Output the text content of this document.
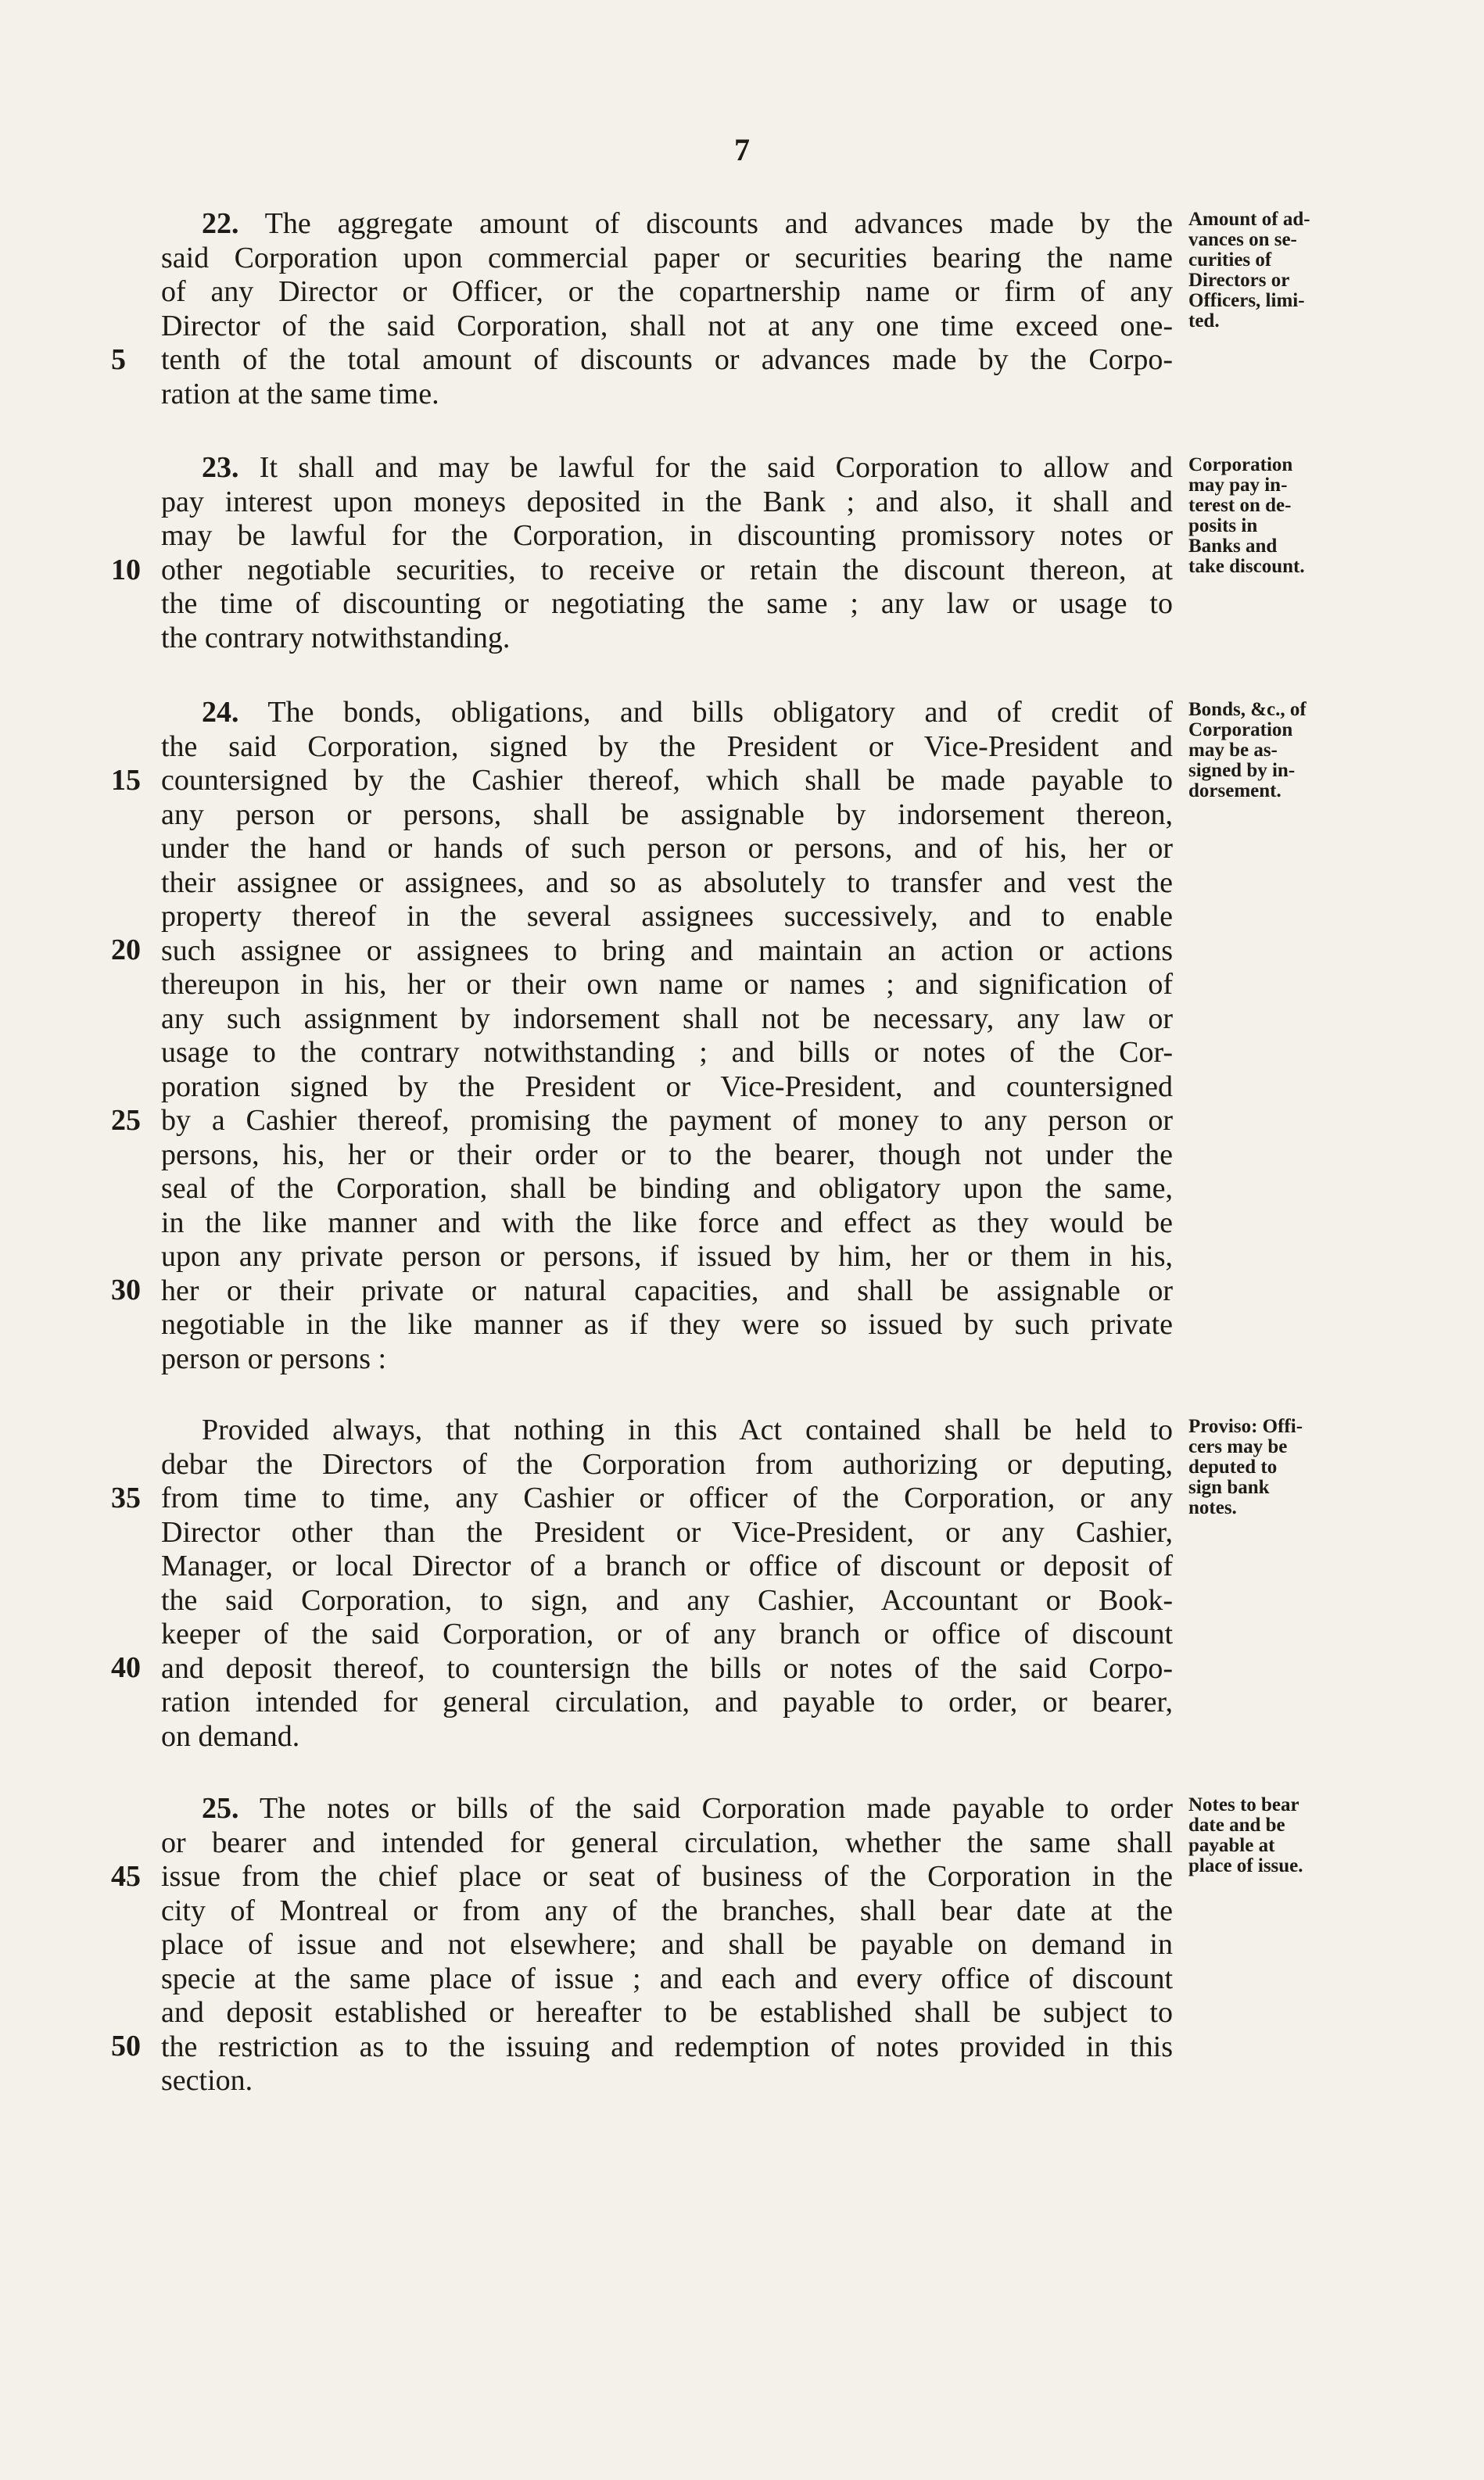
7
22. The aggregate amount of discounts and advances made by the
said Corporation upon commercial paper or securities bearing the name
of any Director or Officer, or the copartnership name or firm of any
Director of the said Corporation, shall not at any one time exceed one-
tenth of the total amount of discounts or advances made by the Corpo-
ration at the same time.
Amount of ad-
vances on se-
curities of
Directors or
Officers, limi-
ted.
23. It shall and may be lawful for the said Corporation to allow and
pay interest upon moneys deposited in the Bank ; and also, it shall and
may be lawful for the Corporation, in discounting promissory notes or
other negotiable securities, to receive or retain the discount thereon, at
the time of discounting or negotiating the same ; any law or usage to
the contrary notwithstanding.
Corporation
may pay in-
terest on de-
posits in
Banks and
take discount.
24. The bonds, obligations, and bills obligatory and of credit of
the said Corporation, signed by the President or Vice-President and
countersigned by the Cashier thereof, which shall be made payable to
any person or persons, shall be assignable by indorsement thereon,
under the hand or hands of such person or persons, and of his, her or
their assignee or assignees, and so as absolutely to transfer and vest the
property thereof in the several assignees successively, and to enable
such assignee or assignees to bring and maintain an action or actions
thereupon in his, her or their own name or names ; and signification of
any such assignment by indorsement shall not be necessary, any law or
usage to the contrary notwithstanding ; and bills or notes of the Cor-
poration signed by the President or Vice-President, and countersigned
by a Cashier thereof, promising the payment of money to any person or
persons, his, her or their order or to the bearer, though not under the
seal of the Corporation, shall be binding and obligatory upon the same,
in the like manner and with the like force and effect as they would be
upon any private person or persons, if issued by him, her or them in his,
her or their private or natural capacities, and shall be assignable or
negotiable in the like manner as if they were so issued by such private
person or persons :
Bonds, &c., of
Corporation
may be as-
signed by in-
dorsement.
Provided always, that nothing in this Act contained shall be held to
debar the Directors of the Corporation from authorizing or deputing,
from time to time, any Cashier or officer of the Corporation, or any
Director other than the President or Vice-President, or any Cashier,
Manager, or local Director of a branch or office of discount or deposit of
the said Corporation, to sign, and any Cashier, Accountant or Book-
keeper of the said Corporation, or of any branch or office of discount
and deposit thereof, to countersign the bills or notes of the said Corpo-
ration intended for general circulation, and payable to order, or bearer,
on demand.
Proviso: Offi-
cers may be
deputed to
sign bank
notes.
25. The notes or bills of the said Corporation made payable to order
or bearer and intended for general circulation, whether the same shall
issue from the chief place or seat of business of the Corporation in the
city of Montreal or from any of the branches, shall bear date at the
place of issue and not elsewhere; and shall be payable on demand in
specie at the same place of issue ; and each and every office of discount
and deposit established or hereafter to be established shall be subject to
the restriction as to the issuing and redemption of notes provided in this
section.
Notes to bear
date and be
payable at
place of issue.
5
10
15
20
25
30
35
40
45
50
